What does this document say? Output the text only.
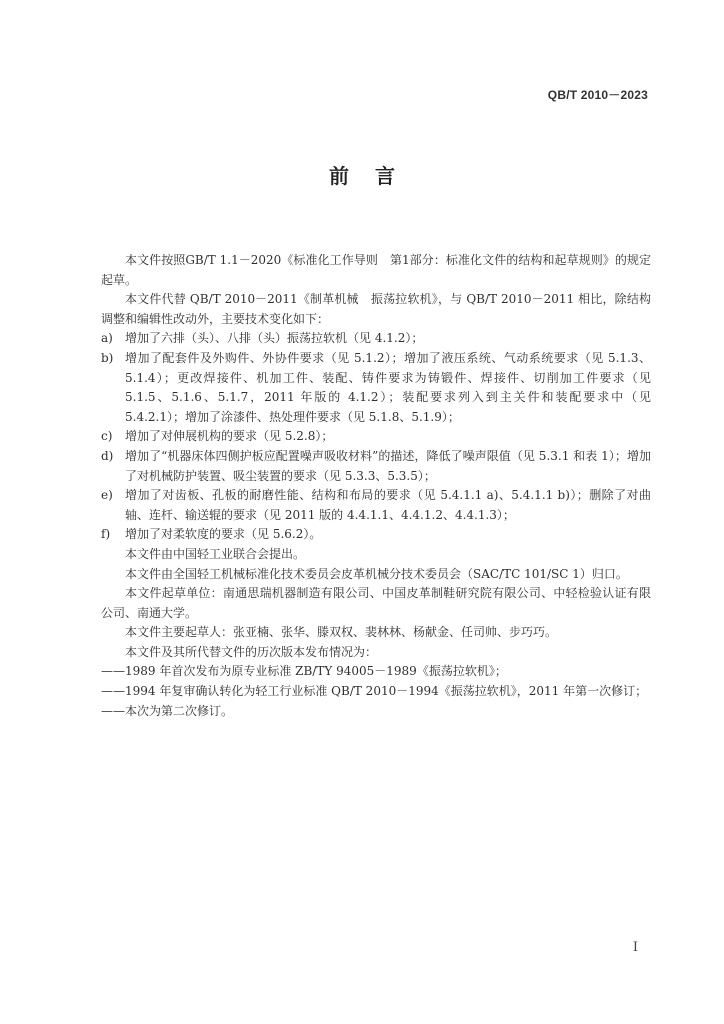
QB/T 2010－2023
前言

本文件按照GB/T 1.1－2020《标准化工作导则　第1部分：标准化文件的结构和起草规则》的规定起草。

本文件代替 QB/T 2010－2011《制革机械　振荡拉软机》，与 QB/T 2010－2011 相比，除结构调整和编辑性改动外，主要技术变化如下：

a) 增加了六排（头）、八排（头）振荡拉软机（见 4.1.2）；

b) 增加了配套件及外购件、外协件要求（见 5.1.2）；增加了液压系统、气动系统要求（见 5.1.3、5.1.4）；更改焊接件、机加工件、装配、铸件要求为铸锻件、焊接件、切削加工件要求（见 5.1.5、5.1.6、5.1.7，2011 年版的 4.1.2）；装配要求列入到主关件和装配要求中（见 5.4.2.1）；增加了涂漆件、热处理件要求（见 5.1.8、5.1.9）；

c) 增加了对伸展机构的要求（见 5.2.8）；

d) 增加了“机器床体四侧护板应配置噪声吸收材料”的描述，降低了噪声限值（见 5.3.1 和表 1）；增加了对机械防护装置、吸尘装置的要求（见 5.3.3、5.3.5）；

e) 增加了对齿板、孔板的耐磨性能、结构和布局的要求（见 5.4.1.1 a)、5.4.1.1 b)）；删除了对曲轴、连杆、输送辊的要求（见 2011 版的 4.4.1.1、4.4.1.2、4.4.1.3）；

f) 增加了对柔软度的要求（见 5.6.2）。

本文件由中国轻工业联合会提出。

本文件由全国轻工机械标准化技术委员会皮革机械分技术委员会（SAC/TC 101/SC 1）归口。

本文件起草单位：南通思瑞机器制造有限公司、中国皮革制鞋研究院有限公司、中轻检验认证有限公司、南通大学。

本文件主要起草人：张亚楠、张华、滕双权、裴林林、杨献金、任司帅、步巧巧。

本文件及其所代替文件的历次版本发布情况为：

——1989 年首次发布为原专业标准 ZB/TY 94005－1989《振荡拉软机》；

——1994 年复审确认转化为轻工行业标准 QB/T 2010－1994《振荡拉软机》，2011 年第一次修订；

——本次为第二次修订。

I
